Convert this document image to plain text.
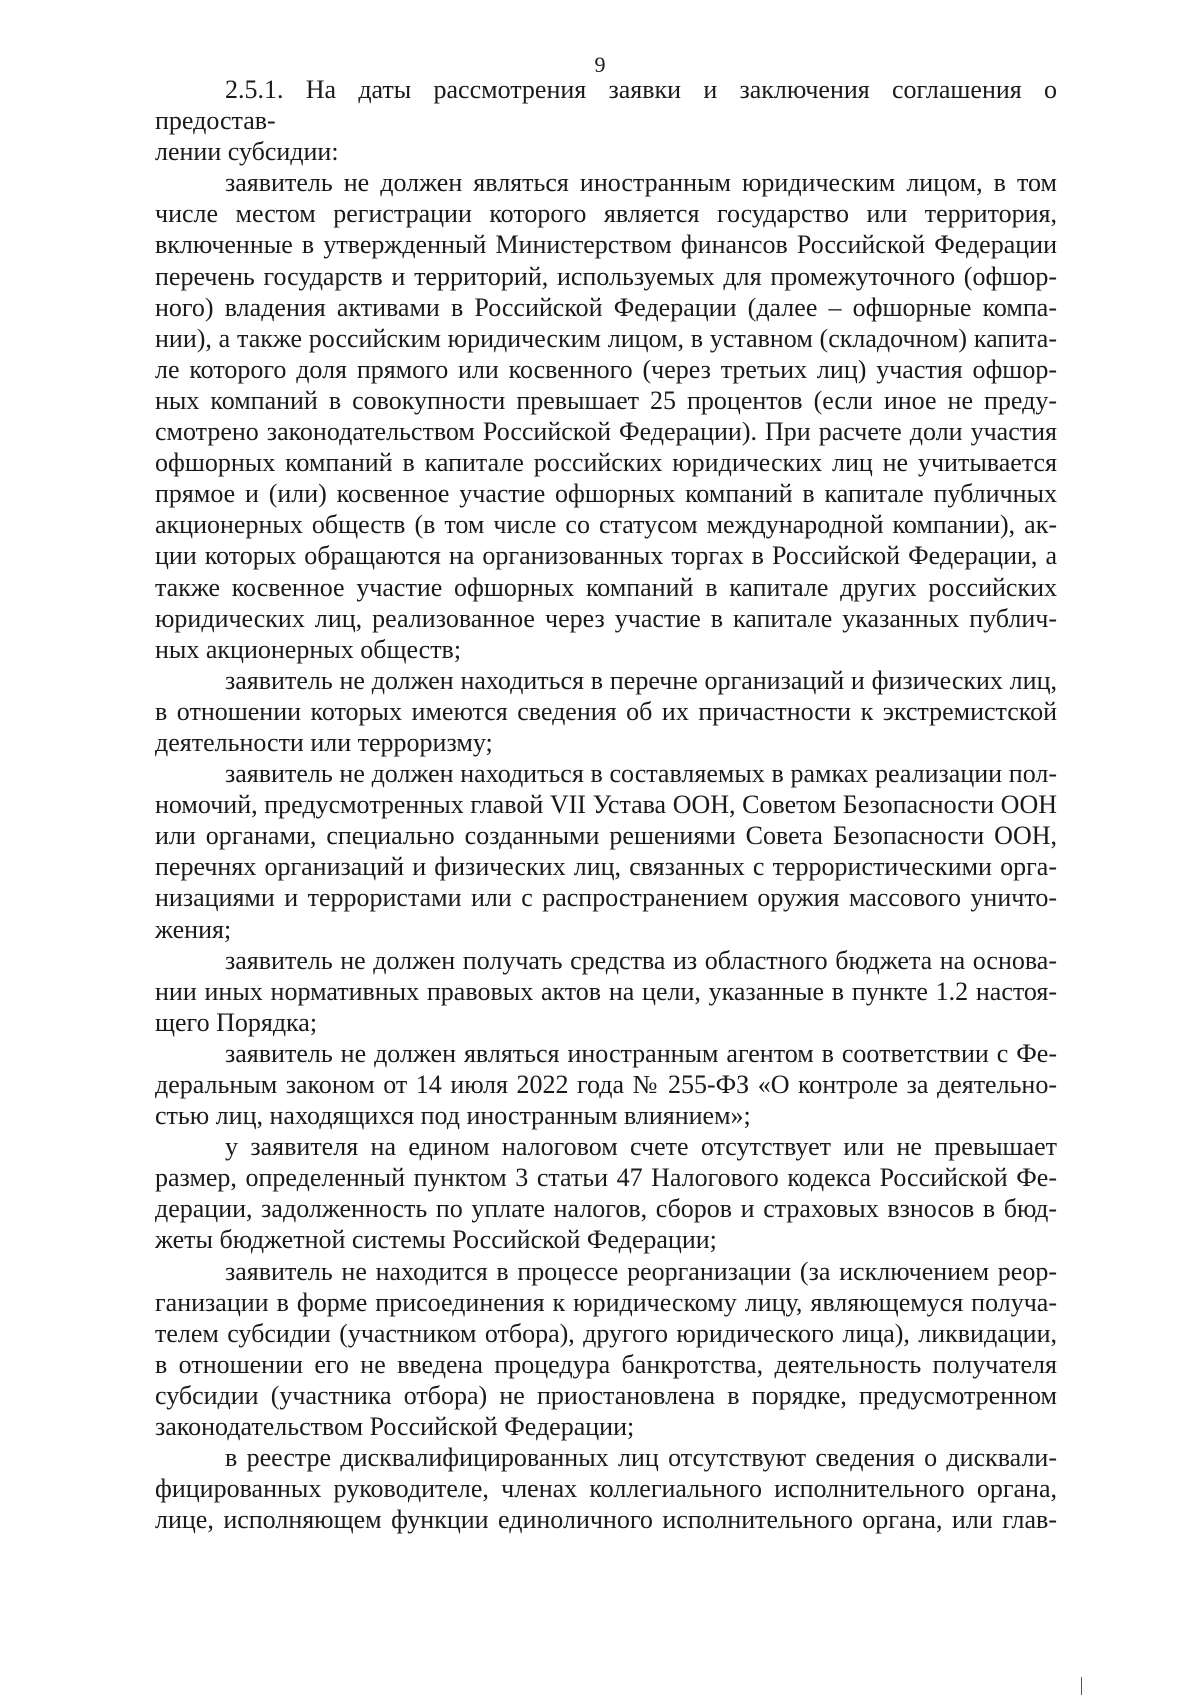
9
2.5.1. На даты рассмотрения заявки и заключения соглашения о предостав-
лении субсидии:
заявитель не должен являться иностранным юридическим лицом, в том
числе местом регистрации которого является государство или территория,
включенные в утвержденный Министерством финансов Российской Федерации
перечень государств и территорий, используемых для промежуточного (офшор-
ного) владения активами в Российской Федерации (далее – офшорные компа-
нии), а также российским юридическим лицом, в уставном (складочном) капита-
ле которого доля прямого или косвенного (через третьих лиц) участия офшор-
ных компаний в совокупности превышает 25 процентов (если иное не преду-
смотрено законодательством Российской Федерации). При расчете доли участия
офшорных компаний в капитале российских юридических лиц не учитывается
прямое и (или) косвенное участие офшорных компаний в капитале публичных
акционерных обществ (в том числе со статусом международной компании), ак-
ции которых обращаются на организованных торгах в Российской Федерации, а
также косвенное участие офшорных компаний в капитале других российских
юридических лиц, реализованное через участие в капитале указанных публич-
ных акционерных обществ;
заявитель не должен находиться в перечне организаций и физических лиц,
в отношении которых имеются сведения об их причастности к экстремистской
деятельности или терроризму;
заявитель не должен находиться в составляемых в рамках реализации пол-
номочий, предусмотренных главой VII Устава ООН, Советом Безопасности ООН
или органами, специально созданными решениями Совета Безопасности ООН,
перечнях организаций и физических лиц, связанных с террористическими орга-
низациями и террористами или с распространением оружия массового уничто-
жения;
заявитель не должен получать средства из областного бюджета на основа-
нии иных нормативных правовых актов на цели, указанные в пункте 1.2 настоя-
щего Порядка;
заявитель не должен являться иностранным агентом в соответствии с Фе-
деральным законом от 14 июля 2022 года № 255-ФЗ «О контроле за деятельно-
стью лиц, находящихся под иностранным влиянием»;
у заявителя на едином налоговом счете отсутствует или не превышает
размер, определенный пунктом 3 статьи 47 Налогового кодекса Российской Фе-
дерации, задолженность по уплате налогов, сборов и страховых взносов в бюд-
жеты бюджетной системы Российской Федерации;
заявитель не находится в процессе реорганизации (за исключением реор-
ганизации в форме присоединения к юридическому лицу, являющемуся получа-
телем субсидии (участником отбора), другого юридического лица), ликвидации,
в отношении его не введена процедура банкротства, деятельность получателя
субсидии (участника отбора) не приостановлена в порядке, предусмотренном
законодательством Российской Федерации;
в реестре дисквалифицированных лиц отсутствуют сведения о дисквали-
фицированных руководителе, членах коллегиального исполнительного органа,
лице, исполняющем функции единоличного исполнительного органа, или глав-
